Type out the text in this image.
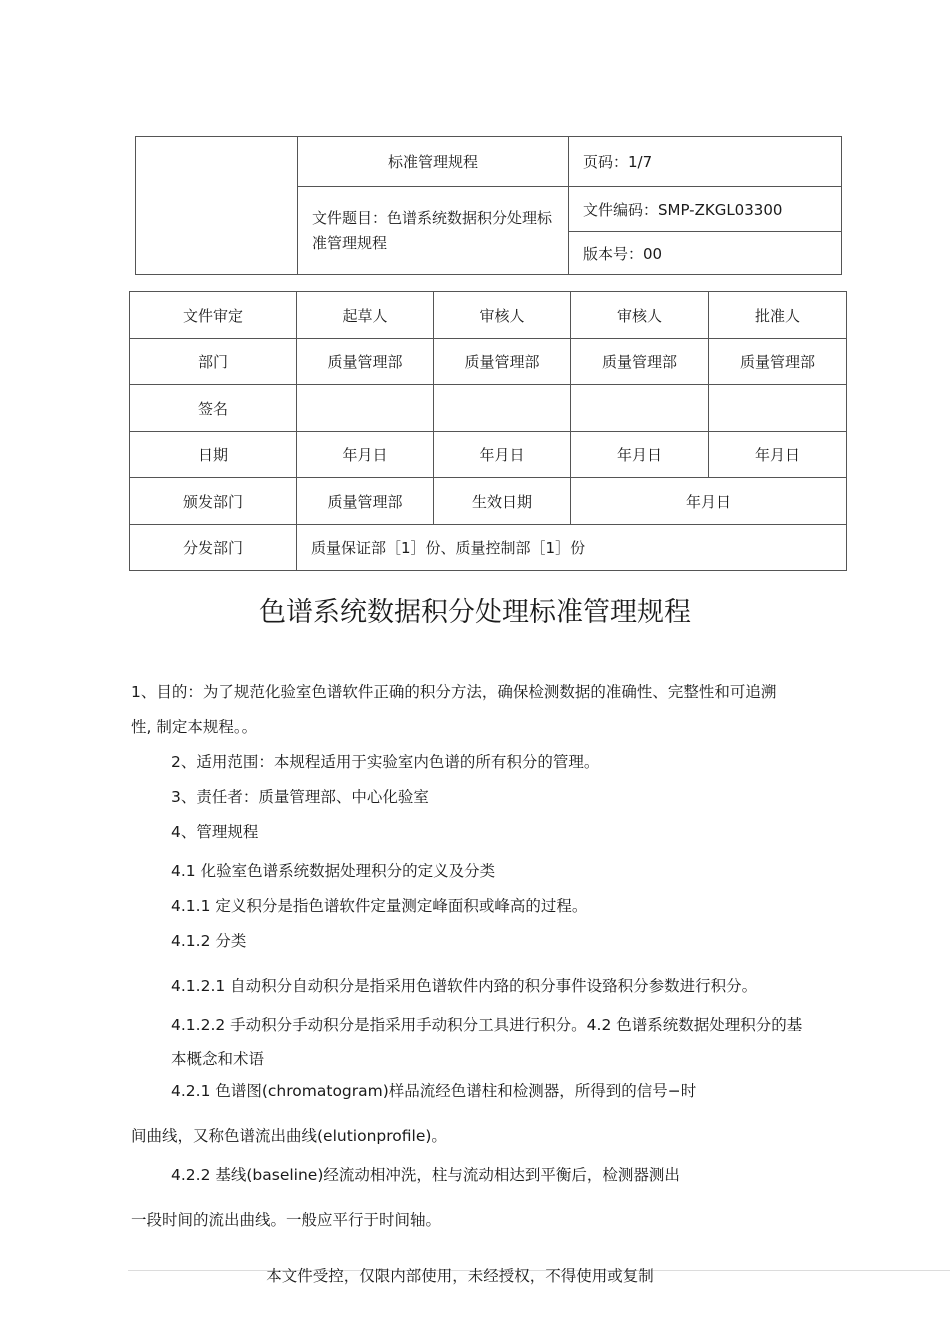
	标准管理规程	页码：1/7
	文件题目：色谱系统数据积分处理标准管理规程	文件编码：SMP-ZKGL03300
		版本号：00
文件审定	起草人	审核人	审核人	批准人
部门	质量管理部	质量管理部	质量管理部	质量管理部
签名				
日期	年月日	年月日	年月日	年月日
颁发部门	质量管理部	生效日期	年月日	
分发部门	质量保证部［1］份、质量控制部［1］份			
色谱系统数据积分处理标准管理规程
1、目的：为了规范化验室色谱软件正确的积分方法，确保检测数据的准确性、完整性和可追溯
性, 制定本规程。。
2、适用范围：本规程适用于实验室内色谱的所有积分的管理。
3、责任者：质量管理部、中心化验室
4、管理规程
4.1 化验室色谱系统数据处理积分的定义及分类
4.1.1 定义积分是指色谱软件定量测定峰面积或峰高的过程。
4.1.2 分类
4.1.2.1 自动积分自动积分是指采用色谱软件内臵的积分事件设臵积分参数进行积分。
4.1.2.2 手动积分手动积分是指采用手动积分工具进行积分。4.2 色谱系统数据处理积分的基
本概念和术语
4.2.1 色谱图(chromatogram)样品流经色谱柱和检测器，所得到的信号−时
间曲线，又称色谱流出曲线(elutionprofile)。
4.2.2 基线(baseline)经流动相冲洗，柱与流动相达到平衡后，检测器测出
一段时间的流出曲线。一般应平行于时间轴。
本文件受控，仅限内部使用，未经授权，不得使用或复制
